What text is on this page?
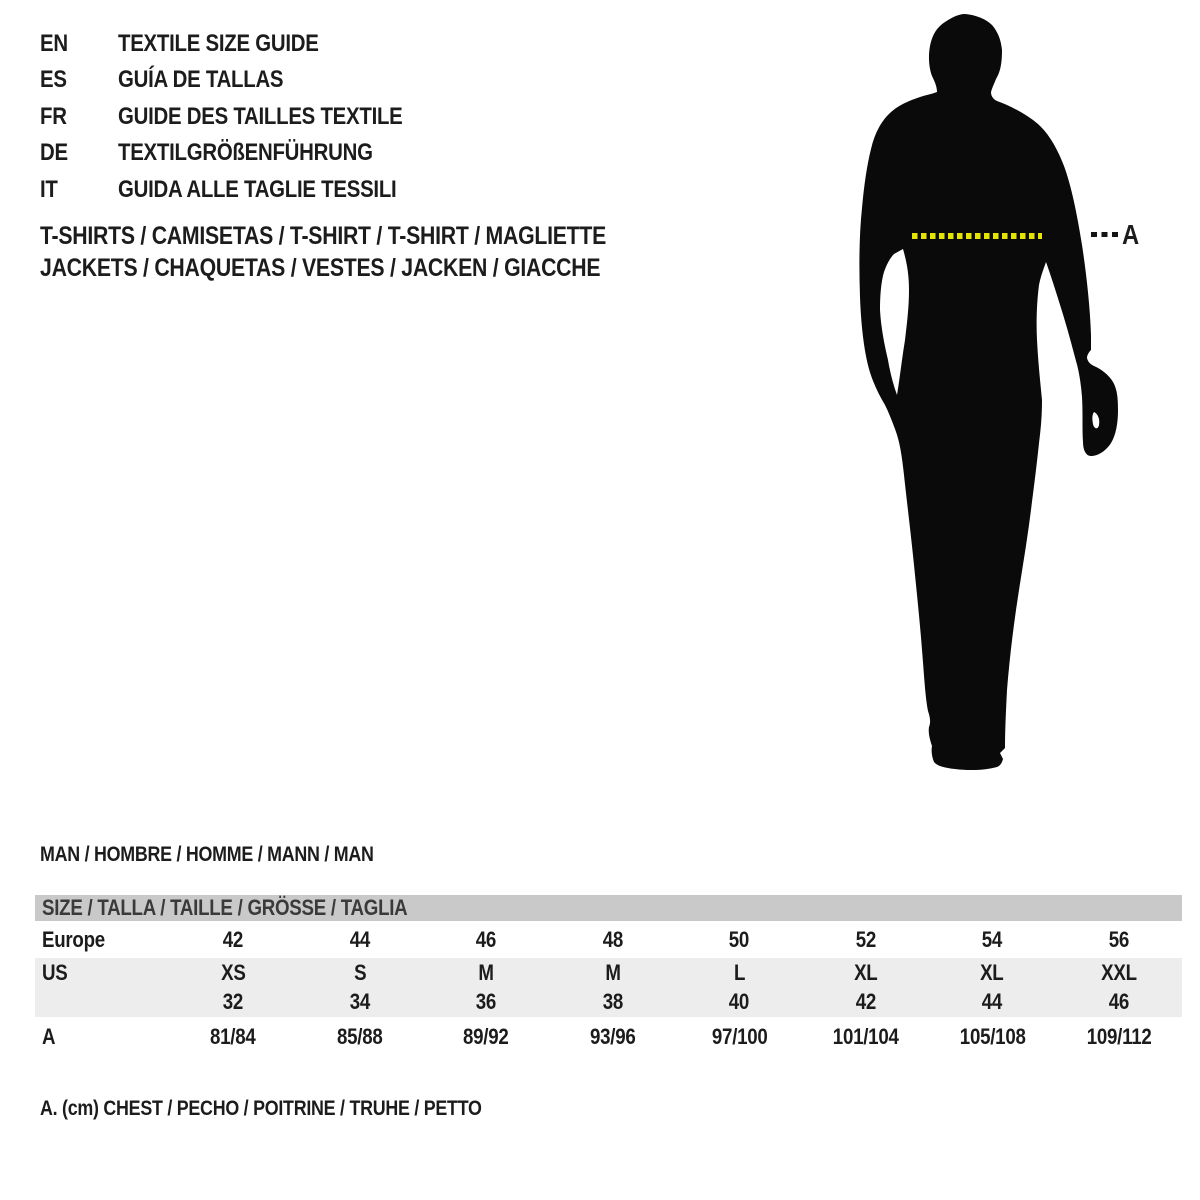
EN	TEXTILE SIZE GUIDE
ES	GUÍA DE TALLAS
FR	GUIDE DES TAILLES TEXTILE
DE	TEXTILGRÖßENFÜHRUNG
IT	GUIDA ALLE TAGLIE TESSILI
T-SHIRTS / CAMISETAS / T-SHIRT / T-SHIRT / MAGLIETTE
JACKETS / CHAQUETAS / VESTES / JACKEN / GIACCHE
A
MAN / HOMBRE / HOMME / MANN / MAN
SIZE / TALLA / TAILLE / GRÖSSE / TAGLIA
Europe	42	44	46	48	50	52	54	56
US	XS	S	M	M	L	XL	XL	XXL
32	34	36	38	40	42	44	46
A	81/84	85/88	89/92	93/96	97/100	101/104	105/108	109/112
A. (cm) CHEST / PECHO / POITRINE / TRUHE / PETTO
